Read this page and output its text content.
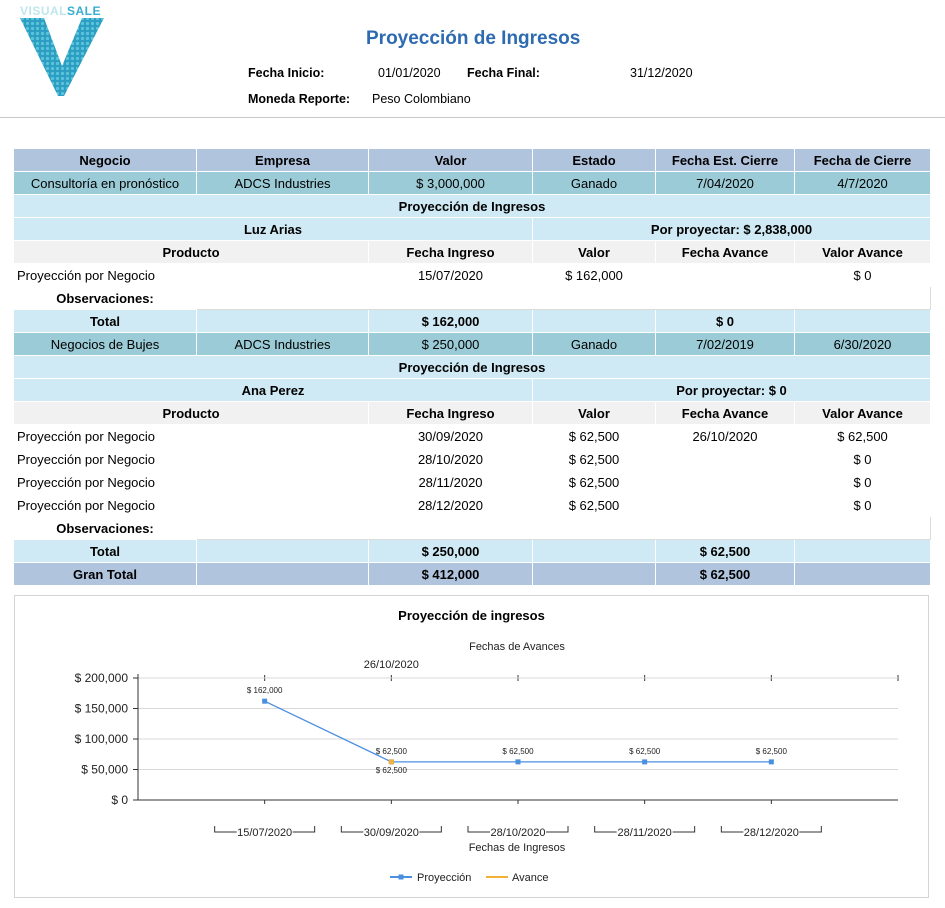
VISUALSALE
Proyección de Ingresos
Fecha Inicio:	01/01/2020 Fecha Final:	31/12/2020
Moneda Reporte: Peso Colombiano
Negocio	Empresa	Valor	Estado	Fecha Est. Cierre	Fecha de Cierre
Consultoría en pronóstico	ADCS Industries	$ 3,000,000	Ganado	7/04/2020	4/7/2020
Proyección de Ingresos					
Luz Arias			Por proyectar: $ 2,838,000		
Producto		Fecha Ingreso	Valor	Fecha Avance	Valor Avance
Proyección por Negocio		15/07/2020	$ 162,000		$ 0
Observaciones:					
Total		$ 162,000		$ 0	
Negocios de Bujes	ADCS Industries	$ 250,000	Ganado	7/02/2019	6/30/2020
Proyección de Ingresos					
Ana Perez			Por proyectar: $ 0		
Producto		Fecha Ingreso	Valor	Fecha Avance	Valor Avance
Proyección por Negocio		30/09/2020	$ 62,500	26/10/2020	$ 62,500
Proyección por Negocio		28/10/2020	$ 62,500		$ 0
Proyección por Negocio		28/11/2020	$ 62,500		$ 0
Proyección por Negocio		28/12/2020	$ 62,500		$ 0
Observaciones:					
Total		$ 250,000		$ 62,500	
Gran Total		$ 412,000		$ 62,500	
Proyección de ingresos
Fechas de Avances
26/10/2020
$ 0
$ 50,000
$ 100,000
$ 150,000
$ 200,000
15/07/2020	30/09/2020	28/10/2020	28/11/2020	28/12/2020
Fechas de Ingresos
$ 162,000
$ 62,500	$ 62,500	$ 62,500	$ 62,500
$ 62,500
Proyección	Avance
